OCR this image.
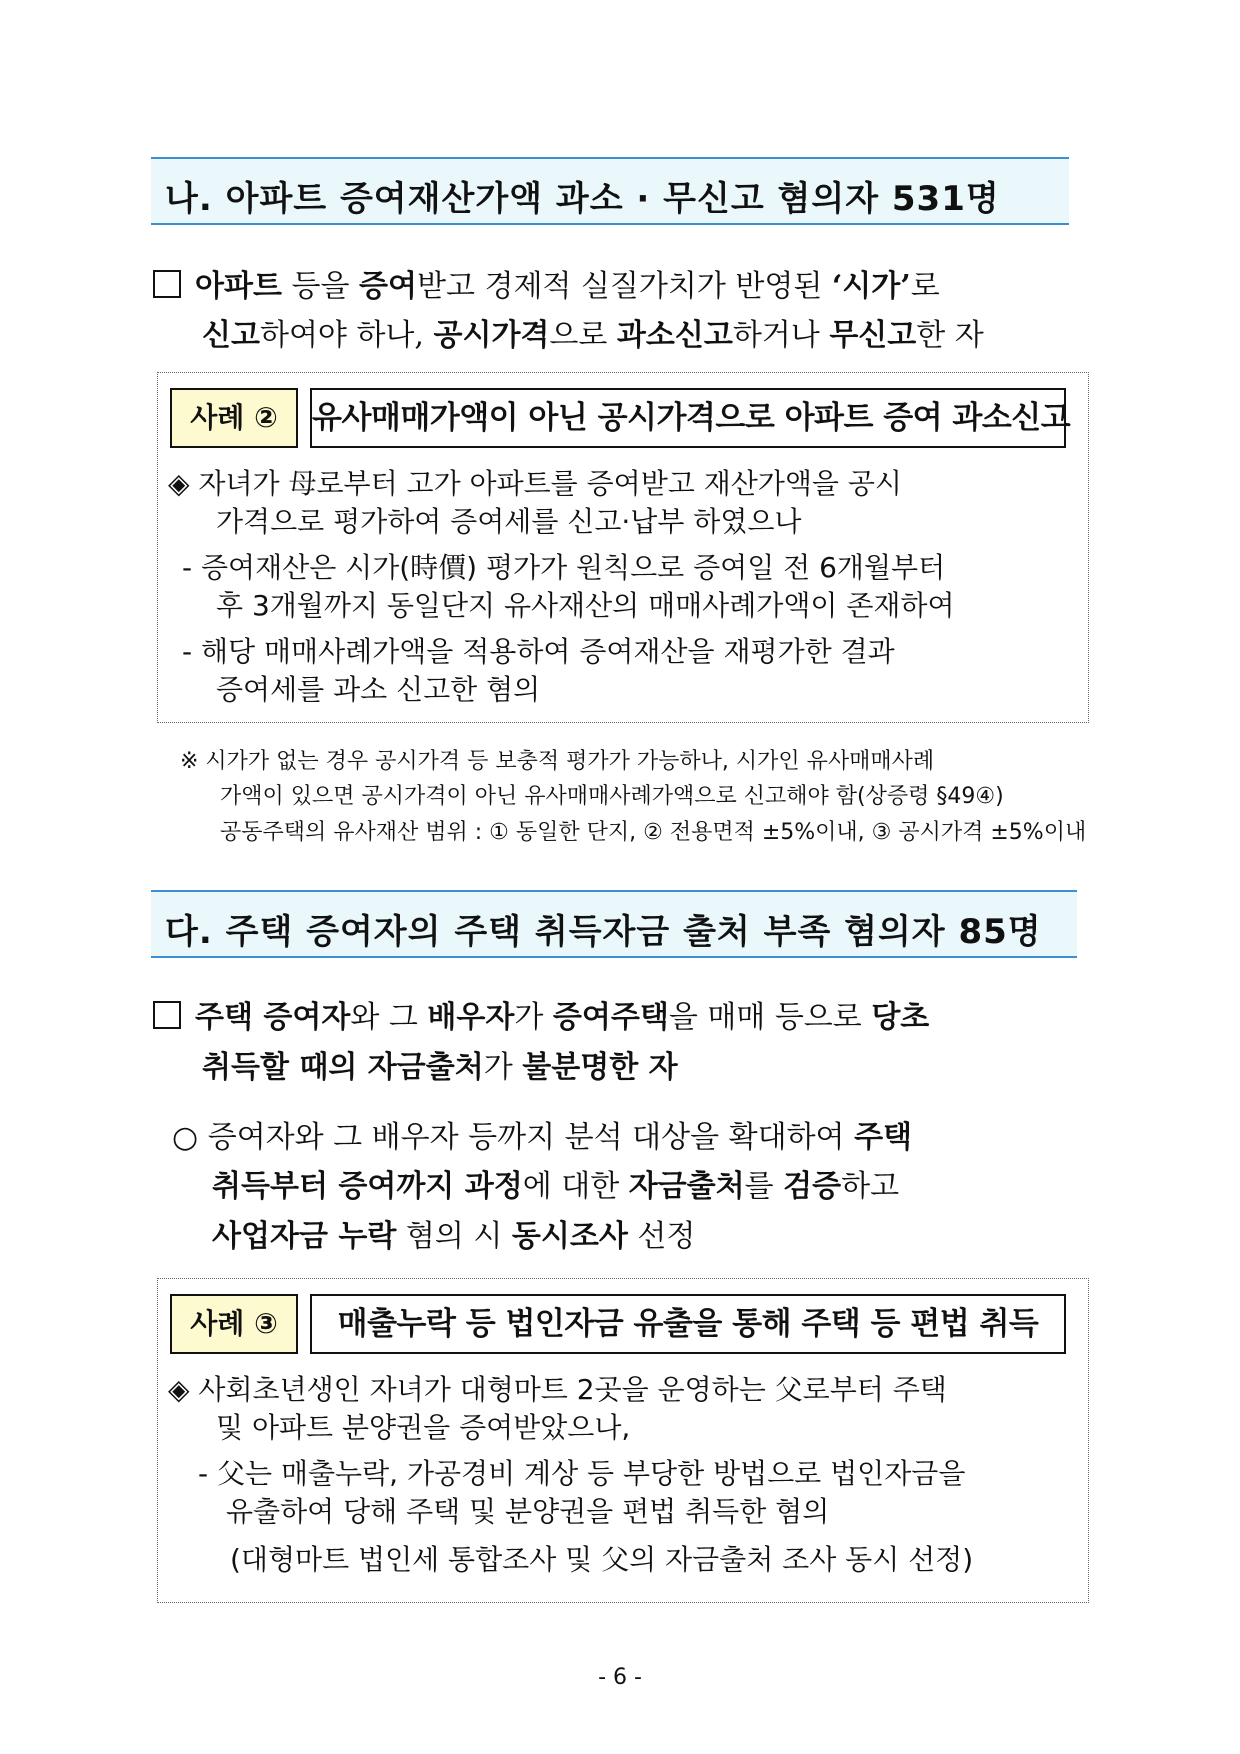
나. 아파트 증여재산가액 과소 · 무신고 혐의자 531명
아파트 등을 증여받고 경제적 실질가치가 반영된 ‘시가’로
신고하여야 하나, 공시가격으로 과소신고하거나 무신고한 자
사례 ②	유사매매가액이 아닌 공시가격으로 아파트 증여 과소신고
◈ 자녀가 母로부터 고가 아파트를 증여받고 재산가액을 공시
가격으로 평가하여 증여세를 신고·납부 하였으나
- 증여재산은 시가(時價) 평가가 원칙으로 증여일 전 6개월부터
후 3개월까지 동일단지 유사재산의 매매사례가액이 존재하여
- 해당 매매사례가액을 적용하여 증여재산을 재평가한 결과
증여세를 과소 신고한 혐의
※ 시가가 없는 경우 공시가격 등 보충적 평가가 가능하나, 시가인 유사매매사례
가액이 있으면 공시가격이 아닌 유사매매사례가액으로 신고해야 함(상증령 §49④)
공동주택의 유사재산 범위 : ① 동일한 단지, ② 전용면적 ±5%이내, ③ 공시가격 ±5%이내
다. 주택 증여자의 주택 취득자금 출처 부족 혐의자 85명
주택 증여자와 그 배우자가 증여주택을 매매 등으로 당초
취득할 때의 자금출처가 불분명한 자
○ 증여자와 그 배우자 등까지 분석 대상을 확대하여 주택
취득부터 증여까지 과정에 대한 자금출처를 검증하고
사업자금 누락 혐의 시 동시조사 선정
사례 ③	매출누락 등 법인자금 유출을 통해 주택 등 편법 취득
◈ 사회초년생인 자녀가 대형마트 2곳을 운영하는 父로부터 주택
및 아파트 분양권을 증여받았으나,
- 父는 매출누락, 가공경비 계상 등 부당한 방법으로 법인자금을
유출하여 당해 주택 및 분양권을 편법 취득한 혐의
(대형마트 법인세 통합조사 및 父의 자금출처 조사 동시 선정)
- 6 -
